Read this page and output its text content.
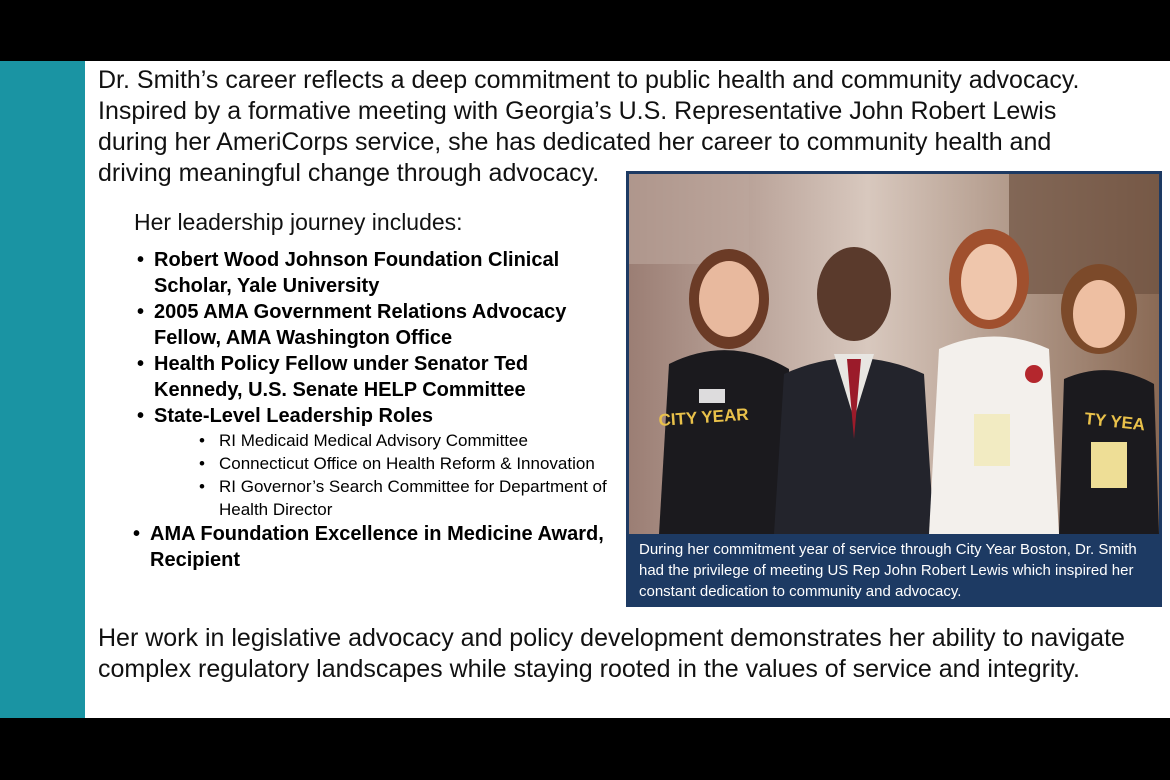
Dr. Smith’s career reflects a deep commitment to public health and community advocacy. Inspired by a formative meeting with Georgia’s U.S. Representative John Robert Lewis during her AmeriCorps service, she has dedicated her career to community health and driving meaningful change through advocacy.

Her leadership journey includes:

• Robert Wood Johnson Foundation Clinical Scholar, Yale University
• 2005 AMA Government Relations Advocacy Fellow, AMA Washington Office
• Health Policy Fellow under Senator Ted Kennedy, U.S. Senate HELP Committee
• State-Level Leadership Roles
• RI Medicaid Medical Advisory Committee
• Connecticut Office on Health Reform & Innovation
• RI Governor’s Search Committee for Department of Health Director
• AMA Foundation Excellence in Medicine Award, Recipient
CITY YEAR	TY YEA

During her commitment year of service through City Year Boston, Dr. Smith had the privilege of meeting US Rep John Robert Lewis which inspired her constant dedication to community and advocacy.

Her work in legislative advocacy and policy development demonstrates her ability to navigate complex regulatory landscapes while staying rooted in the values of service and integrity.
